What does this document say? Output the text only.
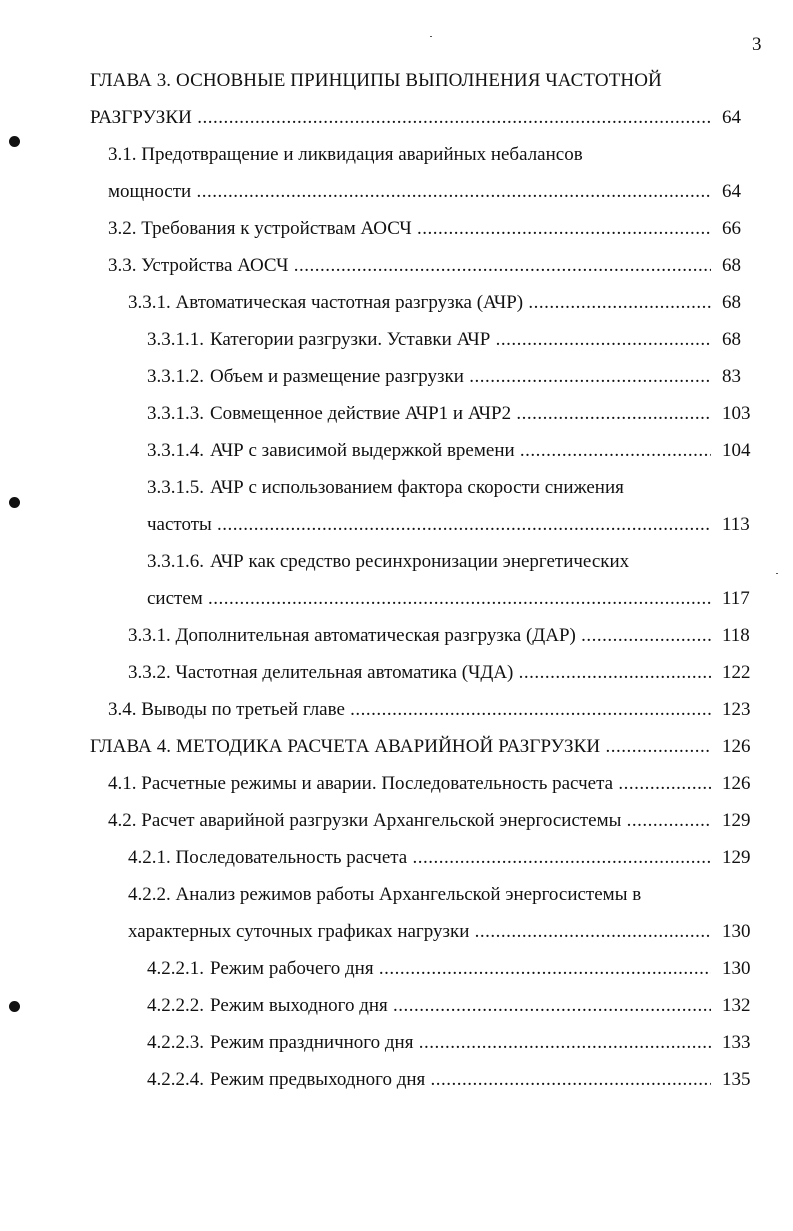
3
ГЛАВА 3. ОСНОВНЫЕ ПРИНЦИПЫ ВЫПОЛНЕНИЯ ЧАСТОТНОЙ
РАЗГРУЗКИ .....	64
3.1. Предотвращение и ликвидация аварийных небалансов
мощности .....	64
3.2. Требования к устройствам АОСЧ .....	66
3.3. Устройства АОСЧ .....	68
3.3.1. Автоматическая частотная разгрузка (АЧР) .....	68
3.3.1.1. Категории разгрузки. Уставки АЧР .....	68
3.3.1.2. Объем и размещение разгрузки .....	83
3.3.1.3. Совмещенное действие АЧР1 и АЧР2 .....	103
3.3.1.4. АЧР с зависимой выдержкой времени .....	104
3.3.1.5. АЧР с использованием фактора скорости снижения
частоты .....	113
3.3.1.6. АЧР как средство ресинхронизации энергетических
систем .....	117
3.3.1. Дополнительная автоматическая разгрузка (ДАР) .....	118
3.3.2. Частотная делительная автоматика (ЧДА) .....	122
3.4. Выводы по третьей главе .....	123
ГЛАВА 4. МЕТОДИКА РАСЧЕТА АВАРИЙНОЙ РАЗГРУЗКИ .....	126
4.1. Расчетные режимы и аварии. Последовательность расчета .....	126
4.2. Расчет аварийной разгрузки Архангельской энергосистемы .....	129
4.2.1. Последовательность расчета .....	129
4.2.2. Анализ режимов работы Архангельской энергосистемы в
характерных суточных графиках нагрузки .....	130
4.2.2.1. Режим рабочего дня .....	130
4.2.2.2. Режим выходного дня .....	132
4.2.2.3. Режим праздничного дня .....	133
4.2.2.4. Режим предвыходного дня .....	135
